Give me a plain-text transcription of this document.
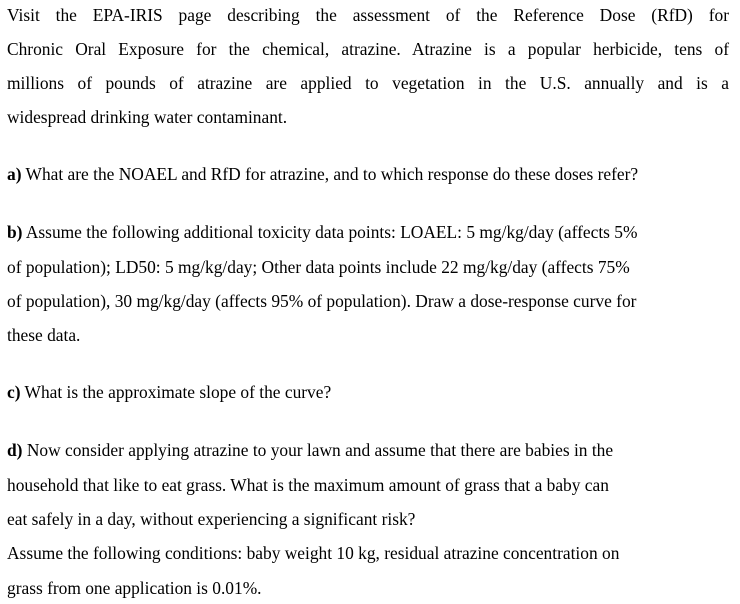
Visit the EPA-IRIS page describing the assessment of the Reference Dose (RfD) for
Chronic Oral Exposure for the chemical, atrazine. Atrazine is a popular herbicide, tens of
millions of pounds of atrazine are applied to vegetation in the U.S. annually and is a
widespread drinking water contaminant.
a) What are the NOAEL and RfD for atrazine, and to which response do these doses refer?
b) Assume the following additional toxicity data points: LOAEL: 5 mg/kg/day (affects 5%
of population); LD50: 5 mg/kg/day; Other data points include 22 mg/kg/day (affects 75%
of population), 30 mg/kg/day (affects 95% of population). Draw a dose-response curve for
these data.
c) What is the approximate slope of the curve?
d) Now consider applying atrazine to your lawn and assume that there are babies in the
household that like to eat grass. What is the maximum amount of grass that a baby can
eat safely in a day, without experiencing a significant risk?
Assume the following conditions: baby weight 10 kg, residual atrazine concentration on
grass from one application is 0.01%.
